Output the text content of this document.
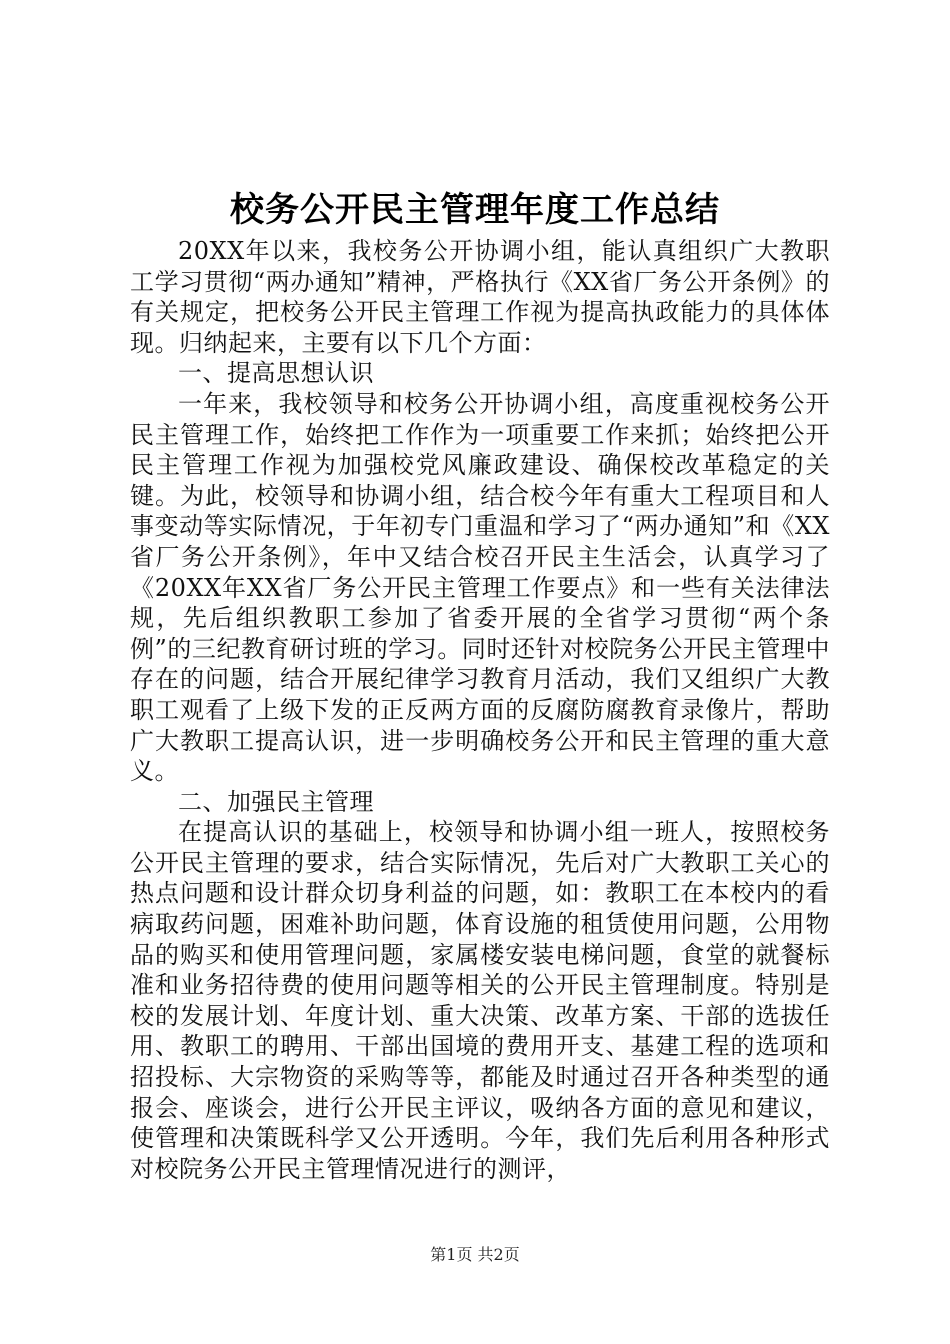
校务公开民主管理年度工作总结

20XX年以来，我校务公开协调小组，能认真组织广大教职工学习贯彻“两办通知”精神，严格执行《XX省厂务公开条例》的有关规定，把校务公开民主管理工作视为提高执政能力的具体体现。归纳起来，主要有以下几个方面：

一、提高思想认识

一年来，我校领导和校务公开协调小组，高度重视校务公开民主管理工作，始终把工作作为一项重要工作来抓；始终把公开民主管理工作视为加强校党风廉政建设、确保校改革稳定的关键。为此，校领导和协调小组，结合校今年有重大工程项目和人事变动等实际情况，于年初专门重温和学习了“两办通知”和《XX省厂务公开条例》，年中又结合校召开民主生活会，认真学习了《20XX年XX省厂务公开民主管理工作要点》和一些有关法律法规，先后组织教职工参加了省委开展的全省学习贯彻“两个条例”的三纪教育研讨班的学习。同时还针对校院务公开民主管理中存在的问题，结合开展纪律学习教育月活动，我们又组织广大教职工观看了上级下发的正反两方面的反腐防腐教育录像片，帮助广大教职工提高认识，进一步明确校务公开和民主管理的重大意义。

二、加强民主管理

在提高认识的基础上，校领导和协调小组一班人，按照校务公开民主管理的要求，结合实际情况，先后对广大教职工关心的热点问题和设计群众切身利益的问题，如：教职工在本校内的看病取药问题，困难补助问题，体育设施的租赁使用问题，公用物品的购买和使用管理问题，家属楼安装电梯问题，食堂的就餐标准和业务招待费的使用问题等相关的公开民主管理制度。特别是校的发展计划、年度计划、重大决策、改革方案、干部的选拔任用、教职工的聘用、干部出国境的费用开支、基建工程的选项和招投标、大宗物资的采购等等，都能及时通过召开各种类型的通报会、座谈会，进行公开民主评议，吸纳各方面的意见和建议，使管理和决策既科学又公开透明。今年，我们先后利用各种形式对校院务公开民主管理情况进行的测评，

第1页 共2页
